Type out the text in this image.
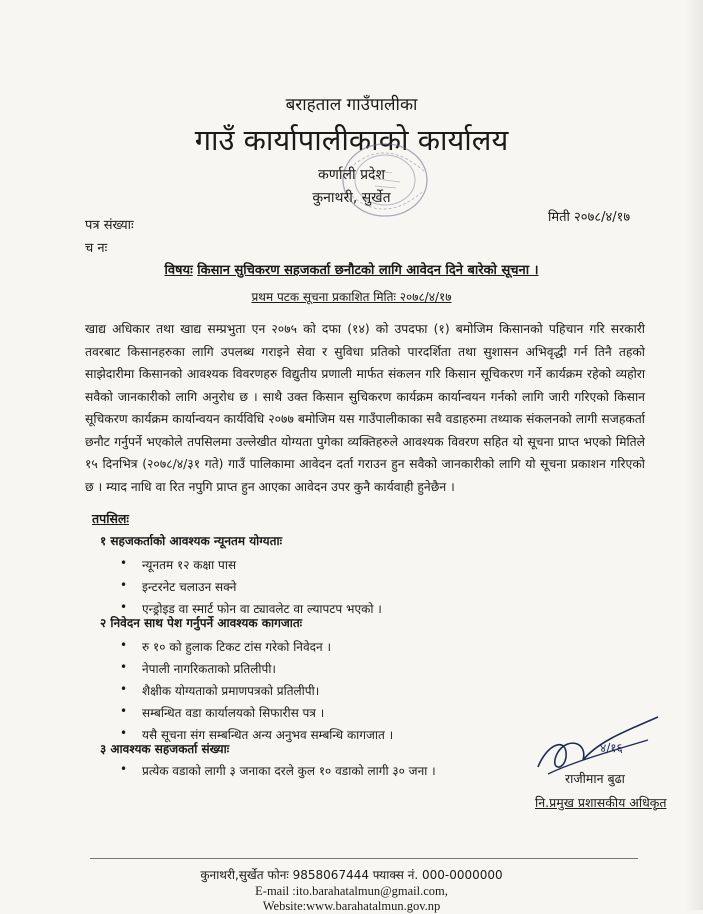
बराहताल गाउँपालीका
गाउँ कार्यापालीकाको कार्यालय
कर्णाली प्रदेश
कुनाथरी, सुर्खेत
पत्र संख्याः
च नः
मिती २०७८/४/१७
विषयः किसान सुचिकरण सहजकर्ता छनौटको लागि आवेदन दिने बारेको सूचना ।
प्रथम पटक सूचना प्रकाशित मितिः २०७८/४/१७
खाद्य अधिकार तथा खाद्य सम्प्रभुता एन २०७५ को दफा (१४) को उपदफा (१) बमोजिम किसानको पहिचान गरि सरकारी तवरबाट किसानहरुका लागि उपलब्ध गराइने सेवा र सुविधा प्रतिको पारदर्शिता तथा सुशासन अभिवृद्धी गर्न तिनै तहको साझेदारीमा किसानको आवश्यक विवरणहरु विद्युतीय प्रणाली मार्फत संकलन गरि किसान सूचिकरण गर्ने कार्यक्रम रहेको व्यहोरा सवैको जानकारीको लागि अनुरोध छ । साथै उक्त किसान सुचिकरण कार्यक्रम कार्यान्वयन गर्नको लागि जारी गरिएको किसान सूचिकरण कार्यक्रम कार्यान्वयन कार्यविधि २०७७ बमोजिम यस गाउँपालीकाका सवै वडाहरुमा तथ्याक संकलनको लागी सजहकर्ता छनौट गर्नुपर्ने भएकोले तपसिलमा उल्लेखीत योग्यता पुगेका व्यक्तिहरुले आवश्यक विवरण सहित यो सूचना प्राप्त भएको मितिले १५ दिनभित्र (२०७८/४/३१ गते) गाउँ पालिकामा आवेदन दर्ता गराउन हुन सवैको जानकारीको लागि यो सूचना प्रकाशन गरिएको छ । म्याद नाधि वा रित नपुगि प्राप्त हुन आएका आवेदन उपर कुनै कार्यवाही हुनेछैन ।
तपसिलः
१ सहजकर्ताको आवश्यक न्यूनतम योग्यताः
• न्यूनतम १२ कक्षा पास
• इन्टरनेट चलाउन सक्ने
• एन्ड्रोइड वा स्मार्ट फोन वा ट्यावलेट वा ल्यापटप भएको ।
२ निवेदन साथ पेश गर्नुपर्ने आवश्यक कागजातः
• रु १० को हुलाक टिकट टांस गरेको निवेदन ।
• नेपाली नागरिकताको प्रतिलीपी।
• शैक्षीक योग्यताको प्रमाणपत्रको प्रतिलीपी।
• सम्बन्धित वडा कार्यालयको सिफारीस पत्र ।
• यसै सूचना संग सम्बन्धित अन्य अनुभव सम्बन्धि कागजात ।
३ आवश्यक सहजकर्ता संख्याः
• प्रत्येक वडाको लागी ३ जनाका दरले कुल १० वडाको लागी ३० जना ।
४/१६
राजीमान बुढा
नि.प्रमुख प्रशासकीय अधिकृत
कुनाथरी,सुर्खेत फोनः 9858067444 फ्याक्स नं. 000-0000000
E-mail :ito.barahatalmun@gmail.com,
Website:www.barahatalmun.gov.np
